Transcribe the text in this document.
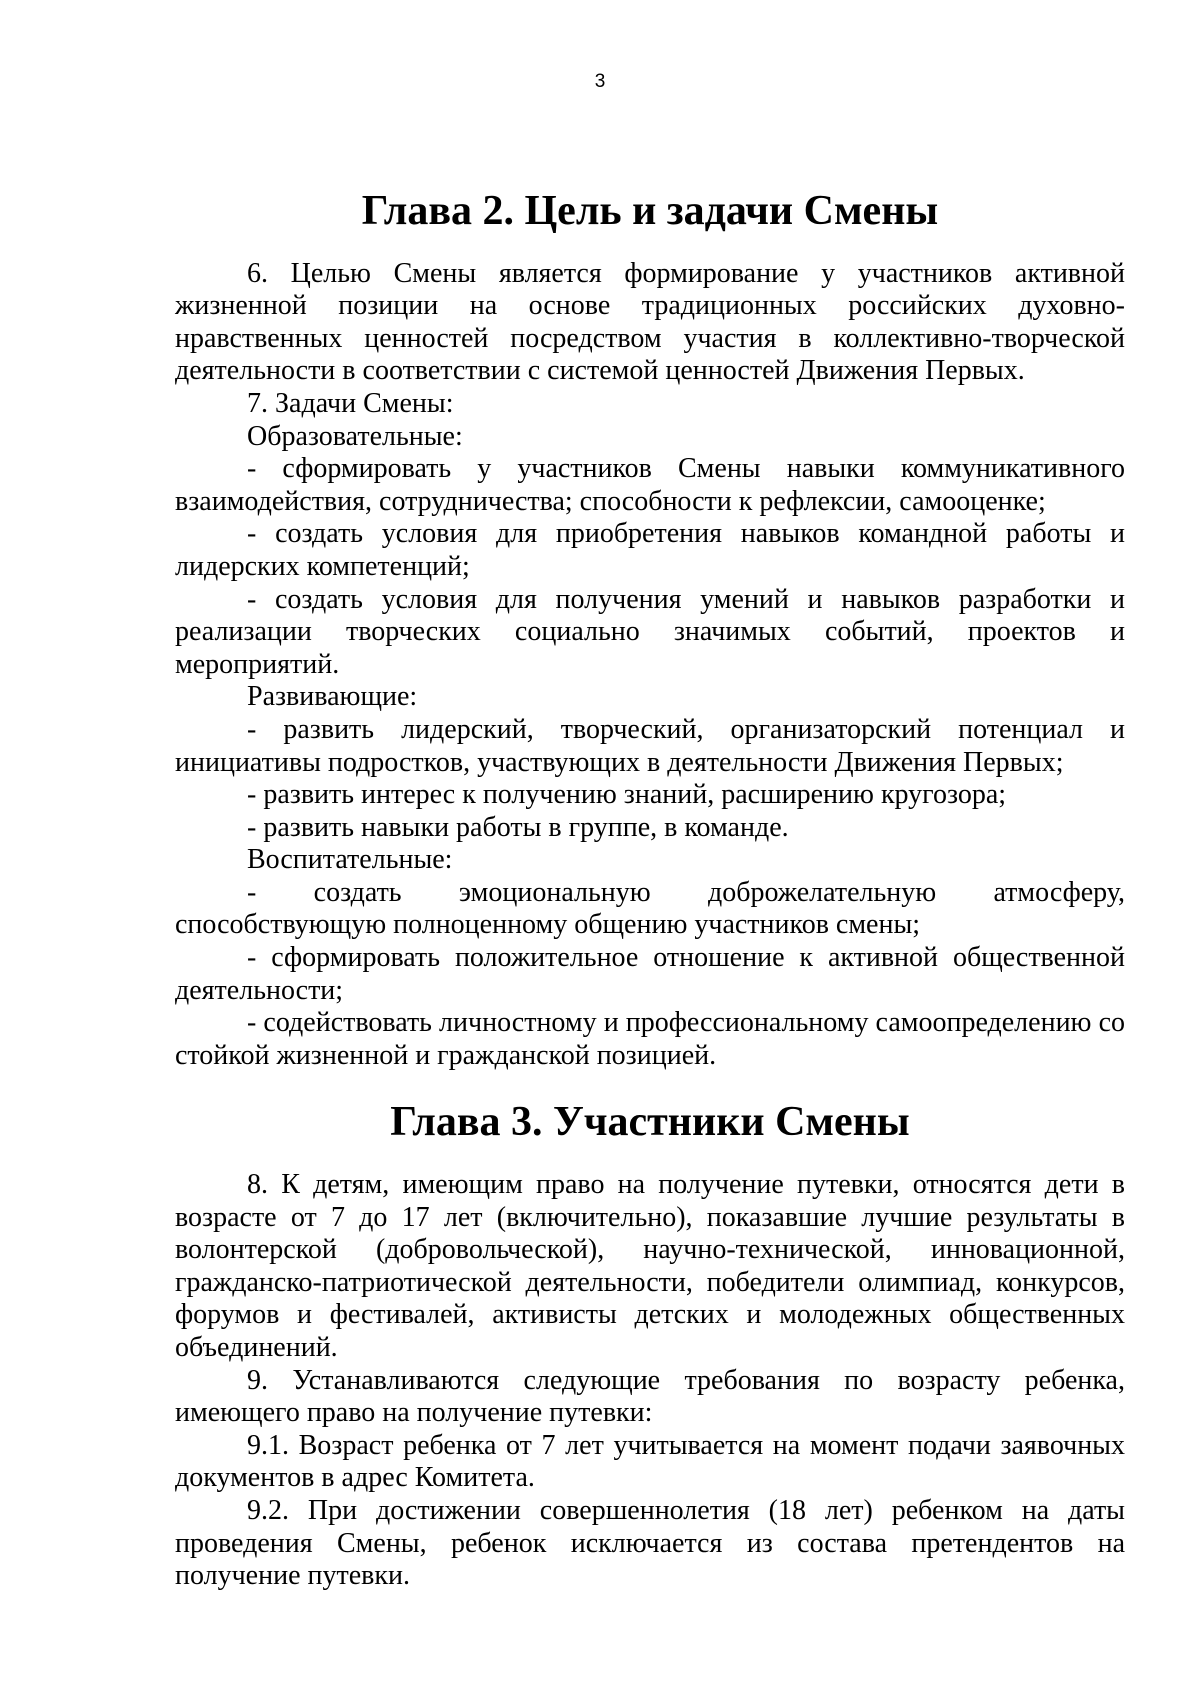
3
Глава 2. Цель и задачи Смены

6. Целью Смены является формирование у участников активной жизненной позиции на основе традиционных российских духовно-нравственных ценностей посредством участия в коллективно-творческой деятельности в соответствии с системой ценностей Движения Первых.

7. Задачи Смены:

Образовательные:

- сформировать у участников Смены навыки коммуникативного взаимодействия, сотрудничества; способности к рефлексии, самооценке;

- создать условия для приобретения навыков командной работы и лидерских компетенций;

- создать условия для получения умений и навыков разработки и реализации творческих социально значимых событий, проектов и мероприятий.

Развивающие:

- развить лидерский, творческий, организаторский потенциал и инициативы подростков, участвующих в деятельности Движения Первых;

- развить интерес к получению знаний, расширению кругозора;

- развить навыки работы в группе, в команде.

Воспитательные:

- создать эмоциональную доброжелательную атмосферу, способствующую полноценному общению участников смены;

- сформировать положительное отношение к активной общественной деятельности;

- содействовать личностному и профессиональному самоопределению со стойкой жизненной и гражданской позицией.

Глава 3. Участники Смены

8. К детям, имеющим право на получение путевки, относятся дети в возрасте от 7 до 17 лет (включительно), показавшие лучшие результаты в волонтерской (добровольческой), научно-технической, инновационной, гражданско-патриотической деятельности, победители олимпиад, конкурсов, форумов и фестивалей, активисты детских и молодежных общественных объединений.

9. Устанавливаются следующие требования по возрасту ребенка, имеющего право на получение путевки:

9.1. Возраст ребенка от 7 лет учитывается на момент подачи заявочных документов в адрес Комитета.

9.2. При достижении совершеннолетия (18 лет) ребенком на даты проведения Смены, ребенок исключается из состава претендентов на получение путевки.
